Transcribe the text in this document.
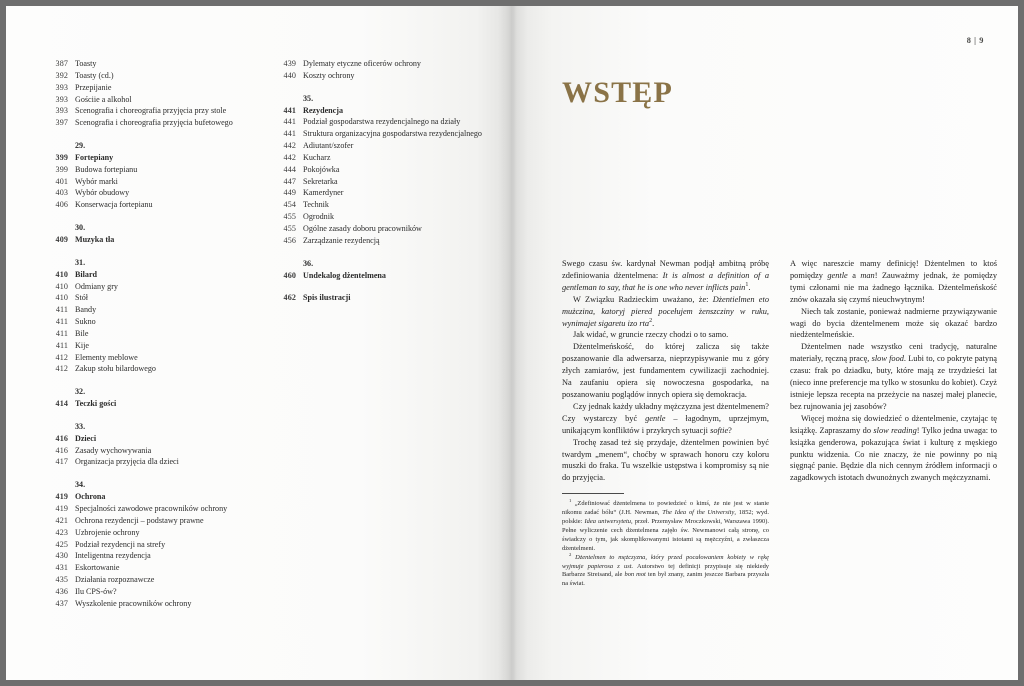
387 Toasty
392 Toasty (cd.)
393 Przepijanie
393 Gościie a alkohol
393 Scenografia i choreografia przyjęcia przy stole
397 Scenografia i choreografia przyjęcia bufetowego
29.
399 Fortepiany
399 Budowa fortepianu
401 Wybór marki
403 Wybór obudowy
406 Konserwacja fortepianu
30.
409 Muzyka tła
31.
410 Bilard
410 Odmiany gry
410 Stół
411 Bandy
411 Sukno
411 Bile
411 Kije
412 Elementy meblowe
412 Zakup stołu bilardowego
32.
414 Teczki gości
33.
416 Dzieci
416 Zasady wychowywania
417 Organizacja przyjęcia dla dzieci
34.
419 Ochrona
419 Specjalności zawodowe pracowników ochrony
421 Ochrona rezydencji – podstawy prawne
423 Uzbrojenie ochrony
425 Podział rezydencji na strefy
430 Inteligentna rezydencja
431 Eskortowanie
435 Działania rozpoznawcze
436 Ilu CPS-ów?
437 Wyszkolenie pracowników ochrony
439 Dylematy etyczne oficerów ochrony
440 Koszty ochrony
35.
441 Rezydencja
441 Podział gospodarstwa rezydencjalnego na działy
441 Struktura organizacyjna gospodarstwa rezydencjalnego
442 Adiutant/szofer
442 Kucharz
444 Pokojówka
447 Sekretarka
449 Kamerdyner
454 Technik
455 Ogrodnik
455 Ogólne zasady doboru pracowników
456 Zarządzanie rezydencją
36.
460 Undekalog dżentelmena
462 Spis ilustracji
8 | 9
WSTĘP

Swego czasu św. kardynał Newman podjął ambitną próbę zdefiniowania dżentelmena: It is almost a definition of a gentleman to say, that he is one who never inflicts pain$^1$.

W Związku Radzieckim uważano, że: Dżentielmen eto mużczina, katoryj piered pocełujem żenszcziny w ruku, wynimajet sigaretu izo rta$^2$.

Jak widać, w gruncie rzeczy chodzi o to samo.

Dżentelmeńskość, do której zalicza się także poszanowanie dla adwersarza, nieprzypisywanie mu z góry złych zamiarów, jest fundamentem cywilizacji zachodniej. Na zaufaniu opiera się nowoczesna gospodarka, na poszanowaniu poglądów innych opiera się demokracja.

Czy jednak każdy układny mężczyzna jest dżentelmenem? Czy wystarczy być gentle – łagodnym, uprzejmym, unikającym konfliktów i przykrych sytuacji softie?

Trochę zasad też się przydaje, dżentelmen powinien być twardym „menem“, choćby w sprawach honoru czy koloru muszki do fraka. Tu wszelkie ustępstwa i kompromisy są nie do przyjęcia.

$^1$ „Zdefiniować dżentelmena to powiedzieć o kimś, że nie jest w stanie nikomu zadać bólu“ (J.H. Newman, The Idea of the University, 1852; wyd. polskie: Idea uniwersytetu, przeł. Przemysław Mroczkowski, Warszawa 1990). Pełne wyliczenie cech dżentelmena zajęło św. Newmanowi całą stronę, co świadczy o tym, jak skomplikowanymi istotami są mężczyźni, a zwłaszcza dżentelmeni.

$^2$ Dżentelmen to mężczyzna, który przed pocałowaniem kobiety w rękę wyjmuje papierosa z ust. Autorstwo tej definicji przypisuje się niekiedy Barbarze Streisand, ale bon mot ten był znany, zanim jeszcze Barbara przyszła na świat.

A więc nareszcie mamy definicję! Dżentelmen to ktoś pomiędzy gentle a man! Zauważmy jednak, że pomiędzy tymi członami nie ma żadnego łącznika. Dżentelmeńskość znów okazała się czymś nieuchwytnym!

Niech tak zostanie, ponieważ nadmierne przywiązywanie wagi do bycia dżentelmenem może się okazać bardzo niedżentelmeńskie.

Dżentelmen nade wszystko ceni tradycję, naturalne materiały, ręczną pracę, slow food. Lubi to, co pokryte patyną czasu: frak po dziadku, buty, które mają ze trzydzieści lat (nieco inne preferencje ma tylko w stosunku do kobiet). Czyż istnieje lepsza recepta na przeżycie na naszej małej planecie, bez rujnowania jej zasobów?

Więcej można się dowiedzieć o dżentelmenie, czytając tę książkę. Zapraszamy do slow reading! Tylko jedna uwaga: to książka genderowa, pokazująca świat i kulturę z męskiego punktu widzenia. Co nie znaczy, że nie powinny po nią sięgnąć panie. Będzie dla nich cennym źródłem informacji o zagadkowych istotach dwunożnych zwanych mężczyznami.
